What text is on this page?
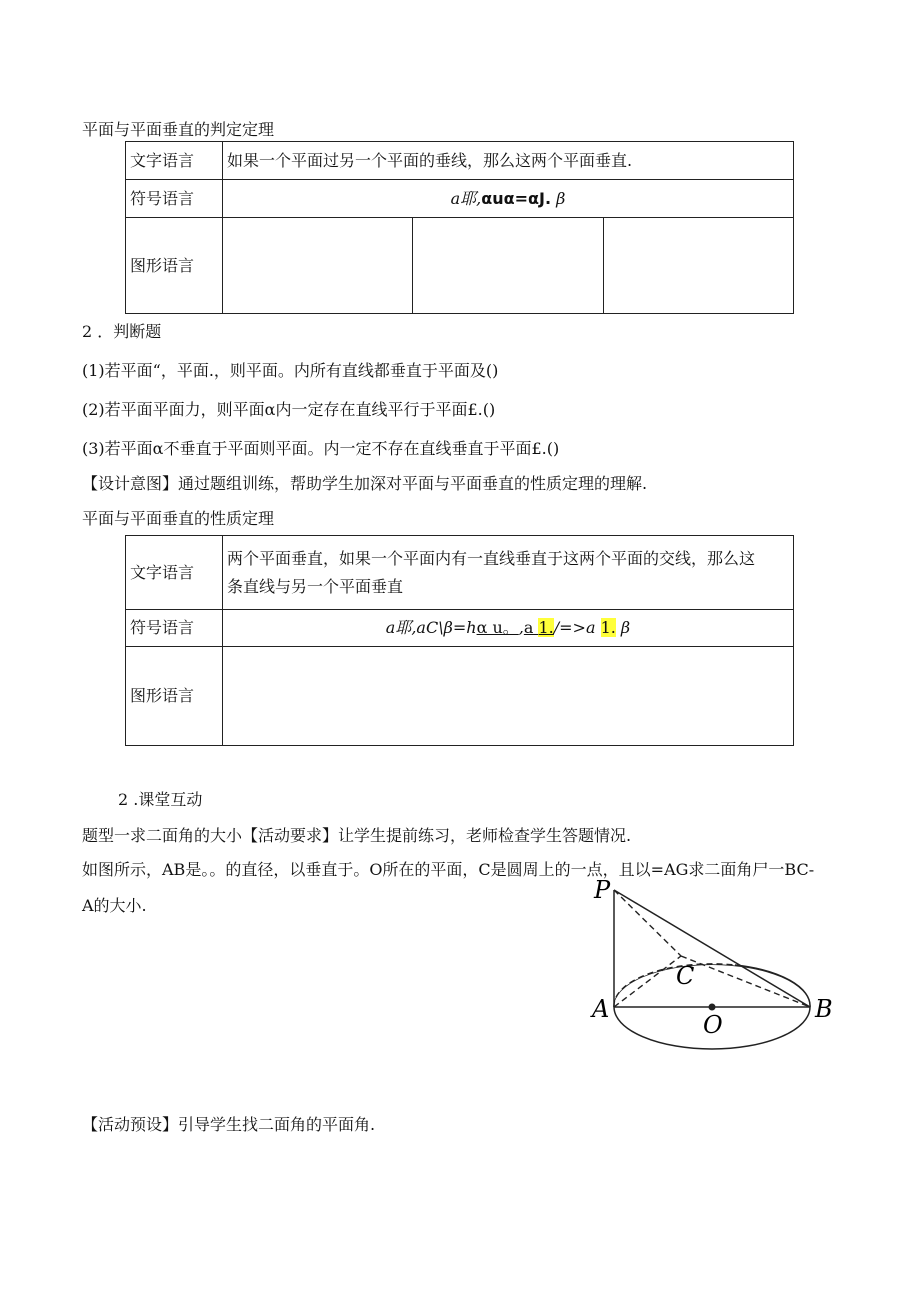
平面与平面垂直的判定定理
文字语言	如果一个平面过另一个平面的垂线，那么这两个平面垂直.		
符号语言	a耶,αuα=αJ. β		
图形语言			
2 ．判断题
(1)若平面“，平面.，则平面。内所有直线都垂直于平面及()
(2)若平面平面力，则平面α内一定存在直线平行于平面£.()
(3)若平面α不垂直于平面则平面。内一定不存在直线垂直于平面£.()
【设计意图】通过题组训练，帮助学生加深对平面与平面垂直的性质定理的理解.
平面与平面垂直的性质定理
文字语言	两个平面垂直，如果一个平面内有一直线垂直于这两个平面的交线，那么这
条直线与另一个平面垂直

符号语言	a耶,aC\β=hα u。,a 1./=>a 1. β
图形语言	
2 .课堂互动
题型一求二面角的大小【活动要求】让学生提前练习，老师检查学生答题情况.
如图所示，AB是。。的直径，以垂直于。O所在的平面，C是圆周上的一点，且以=AG求二面角尸一BC-
A的大小.
P
C
A
O
B
【活动预设】引导学生找二面角的平面角.
